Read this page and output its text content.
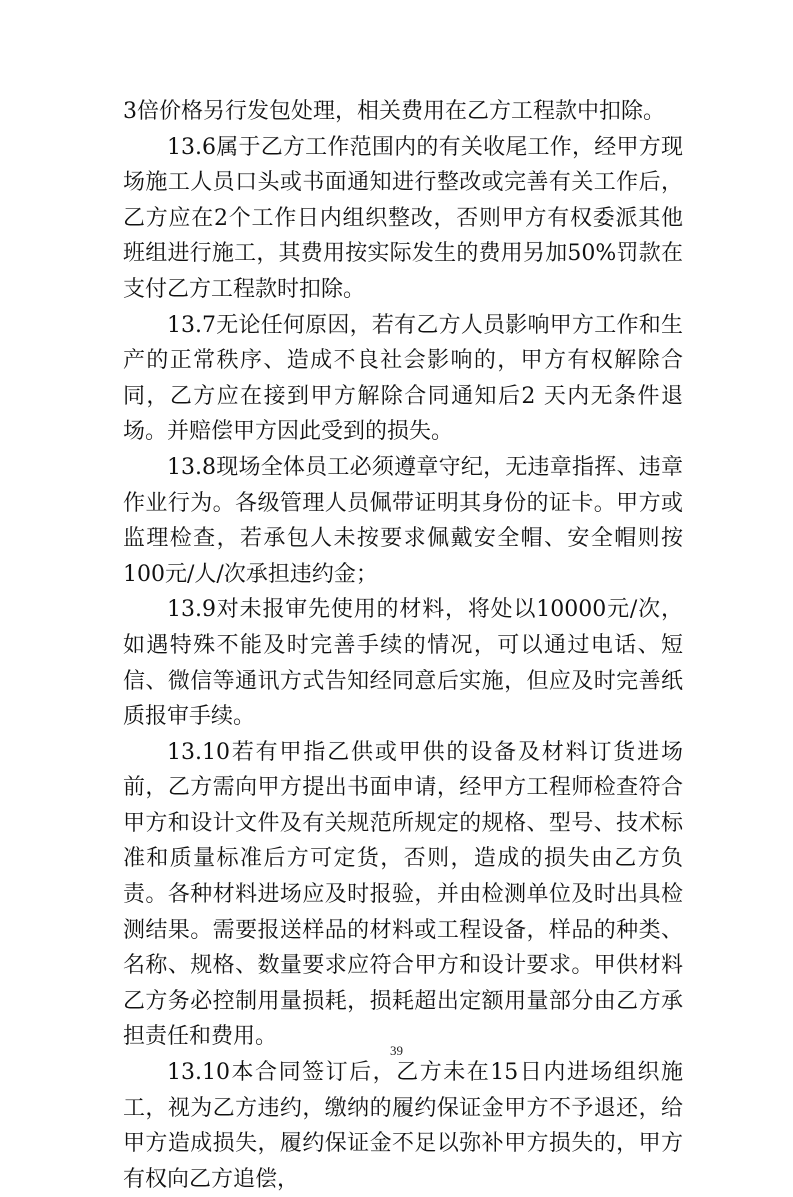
3倍价格另行发包处理，相关费用在乙方工程款中扣除。

13.6属于乙方工作范围内的有关收尾工作，经甲方现场施工人员口头或书面通知进行整改或完善有关工作后，乙方应在2个工作日内组织整改，否则甲方有权委派其他班组进行施工，其费用按实际发生的费用另加50%罚款在支付乙方工程款时扣除。

13.7无论任何原因，若有乙方人员影响甲方工作和生产的正常秩序、造成不良社会影响的，甲方有权解除合同，乙方应在接到甲方解除合同通知后2 天内无条件退场。并赔偿甲方因此受到的损失。

13.8现场全体员工必须遵章守纪，无违章指挥、违章作业行为。各级管理人员佩带证明其身份的证卡。甲方或监理检查，若承包人未按要求佩戴安全帽、安全帽则按100元/人/次承担违约金；

13.9对未报审先使用的材料，将处以10000元/次，如遇特殊不能及时完善手续的情况，可以通过电话、短信、微信等通讯方式告知经同意后实施，但应及时完善纸质报审手续。

13.10若有甲指乙供或甲供的设备及材料订货进场前，乙方需向甲方提出书面申请，经甲方工程师检查符合甲方和设计文件及有关规范所规定的规格、型号、技术标准和质量标准后方可定货，否则，造成的损失由乙方负责。各种材料进场应及时报验，并由检测单位及时出具检测结果。需要报送样品的材料或工程设备，样品的种类、名称、规格、数量要求应符合甲方和设计要求。甲供材料乙方务必控制用量损耗，损耗超出定额用量部分由乙方承担责任和费用。

13.10本合同签订后，乙方未在15日内进场组织施工，视为乙方违约，缴纳的履约保证金甲方不予退还，给甲方造成损失，履约保证金不足以弥补甲方损失的，甲方有权向乙方追偿，

39
